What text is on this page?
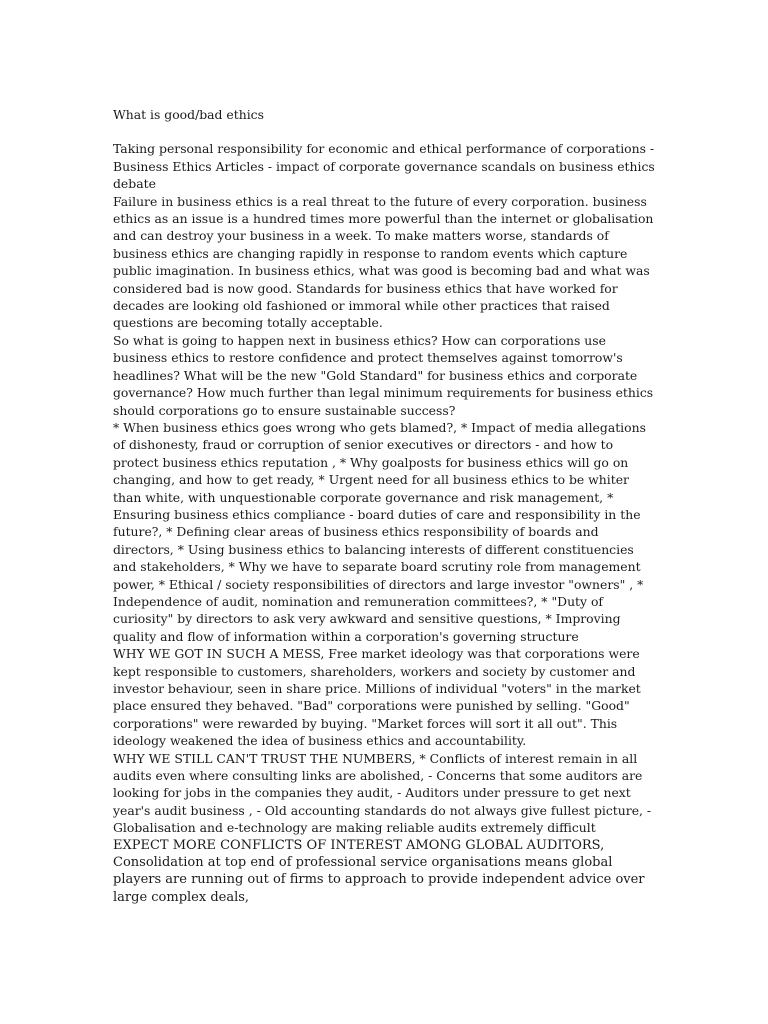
What is good/bad ethics

Taking personal responsibility for economic and ethical performance of corporations - Business Ethics Articles - impact of corporate governance scandals on business ethics debate

Failure in business ethics is a real threat to the future of every corporation. business ethics as an issue is a hundred times more powerful than the internet or globalisation and can destroy your business in a week. To make matters worse, standards of business ethics are changing rapidly in response to random events which capture public imagination. In business ethics, what was good is becoming bad and what was considered bad is now good. Standards for business ethics that have worked for decades are looking old fashioned or immoral while other practices that raised questions are becoming totally acceptable.

So what is going to happen next in business ethics? How can corporations use business ethics to restore confidence and protect themselves against tomorrow's headlines? What will be the new "Gold Standard" for business ethics and corporate governance? How much further than legal minimum requirements for business ethics should corporations go to ensure sustainable success?

* When business ethics goes wrong who gets blamed?, * Impact of media allegations of dishonesty, fraud or corruption of senior executives or directors - and how to protect business ethics reputation , * Why goalposts for business ethics will go on changing, and how to get ready, * Urgent need for all business ethics to be whiter than white, with unquestionable corporate governance and risk management, * Ensuring business ethics compliance - board duties of care and responsibility in the future?, * Defining clear areas of business ethics responsibility of boards and directors, * Using business ethics to balancing interests of different constituencies and stakeholders, * Why we have to separate board scrutiny role from management power, * Ethical / society responsibilities of directors and large investor "owners" , * Independence of audit, nomination and remuneration committees?, * "Duty of curiosity" by directors to ask very awkward and sensitive questions, * Improving quality and flow of information within a corporation's governing structure

WHY WE GOT IN SUCH A MESS, Free market ideology was that corporations were kept responsible to customers, shareholders, workers and society by customer and investor behaviour, seen in share price. Millions of individual "voters" in the market place ensured they behaved. "Bad" corporations were punished by selling. "Good" corporations" were rewarded by buying. "Market forces will sort it all out". This ideology weakened the idea of business ethics and accountability.

WHY WE STILL CAN'T TRUST THE NUMBERS, * Conflicts of interest remain in all audits even where consulting links are abolished, - Concerns that some auditors are looking for jobs in the companies they audit, - Auditors under pressure to get next year's audit business , - Old accounting standards do not always give fullest picture, - Globalisation and e-technology are making reliable audits extremely difficult

EXPECT MORE CONFLICTS OF INTEREST AMONG GLOBAL AUDITORS, Consolidation at top end of professional service organisations means global players are running out of firms to approach to provide independent advice over large complex deals,
